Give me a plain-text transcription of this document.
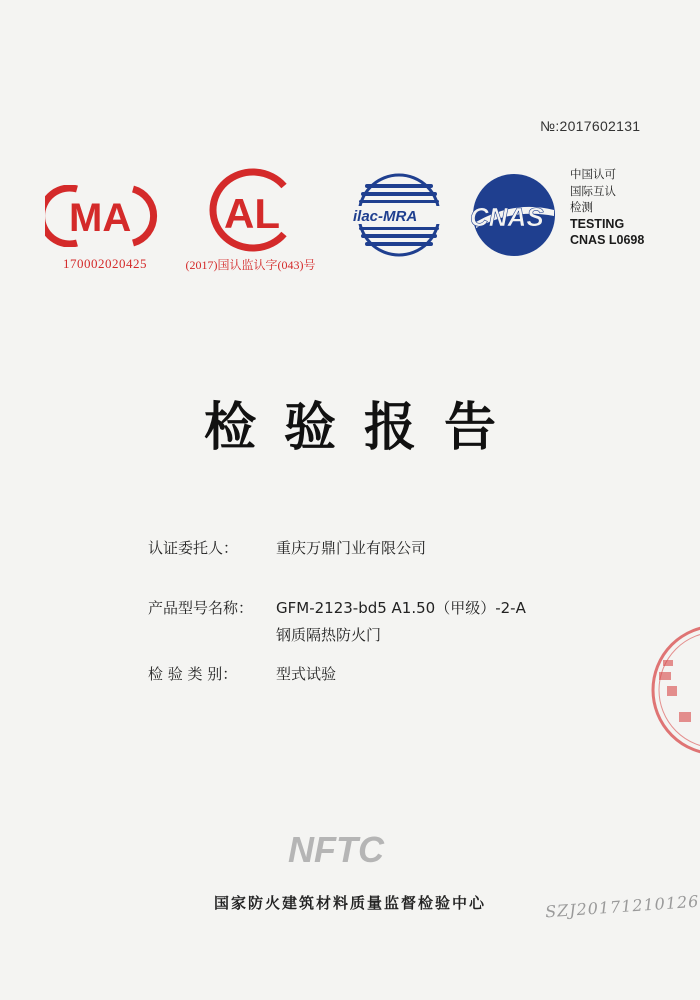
№:2017602131
MA
170002020425
AL
(2017)国认监认字(043)号
ilac-MRA CNAS
中国认可
国际互认
检测
TESTING
CNAS L0698
检验报告
认证委托人：	重庆万鼎门业有限公司
产品型号名称： GFM-2123-bd5 A1.50（甲级）-2-A
钢质隔热防火门
检 验 类 别：	型式试验
NFTC
国家防火建筑材料质量监督检验中心	SZJ20171210126
